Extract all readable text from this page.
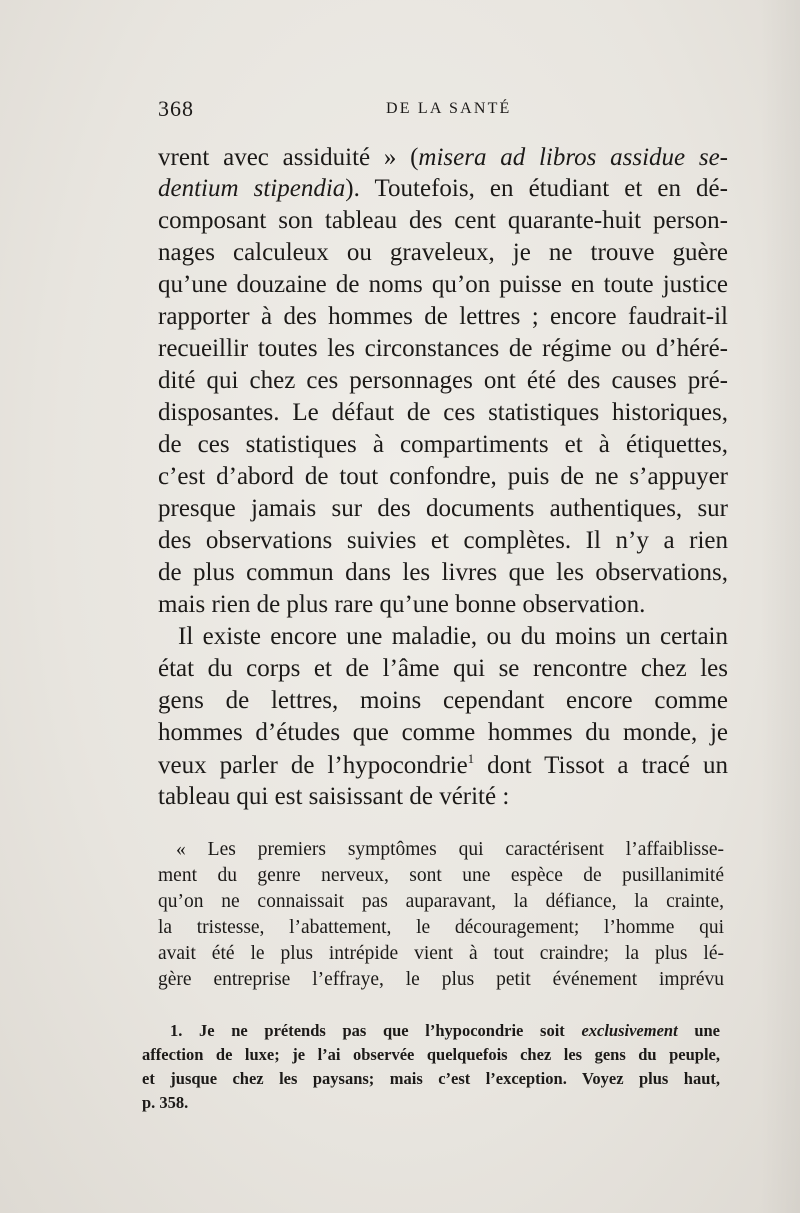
368	DE LA SANTÉ
vrent avec assiduité » (misera ad libros assidue se-
dentium stipendia). Toutefois, en étudiant et en dé-
composant son tableau des cent quarante-huit person-
nages calculeux ou graveleux, je ne trouve guère
qu’une douzaine de noms qu’on puisse en toute justice
rapporter à des hommes de lettres ; encore faudrait-il
recueillir toutes les circonstances de régime ou d’héré-
dité qui chez ces personnages ont été des causes pré-
disposantes. Le défaut de ces statistiques historiques,
de ces statistiques à compartiments et à étiquettes,
c’est d’abord de tout confondre, puis de ne s’appuyer
presque jamais sur des documents authentiques, sur
des observations suivies et complètes. Il n’y a rien
de plus commun dans les livres que les observations,
mais rien de plus rare qu’une bonne observation.
Il existe encore une maladie, ou du moins un certain
état du corps et de l’âme qui se rencontre chez les
gens de lettres, moins cependant encore comme
hommes d’études que comme hommes du monde, je
veux parler de l’hypocondrie$^1$ dont Tissot a tracé un
tableau qui est saisissant de vérité :
« Les premiers symptômes qui caractérisent l’affaiblisse-
ment du genre nerveux, sont une espèce de pusillanimité
qu’on ne connaissait pas auparavant, la défiance, la crainte,
la tristesse, l’abattement, le découragement; l’homme qui
avait été le plus intrépide vient à tout craindre; la plus lé-
gère entreprise l’effraye, le plus petit événement imprévu
1. Je ne prétends pas que l’hypocondrie soit exclusivement une
affection de luxe; je l’ai observée quelquefois chez les gens du peuple,
et jusque chez les paysans; mais c’est l’exception. Voyez plus haut,
p. 358.
